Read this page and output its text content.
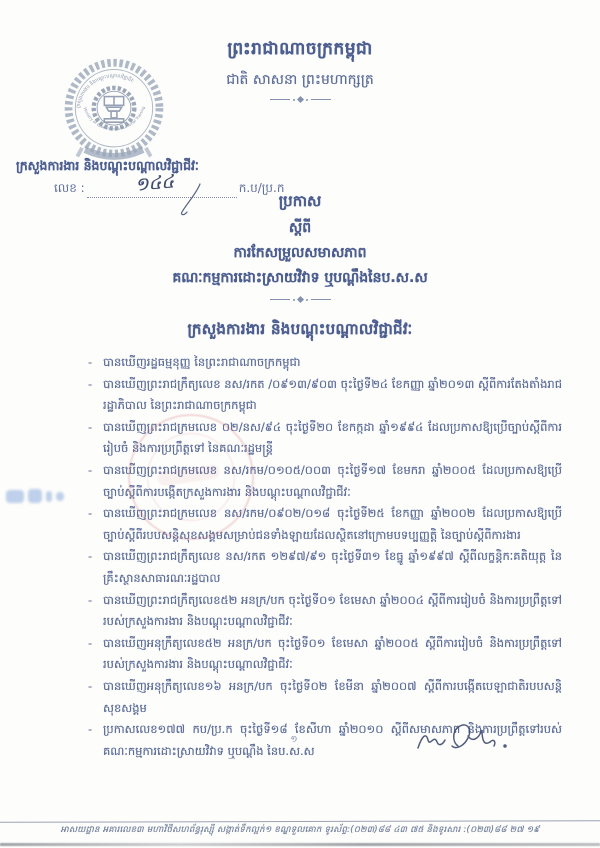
ព្រះរាជាណាចក្រកម្ពុជា
ជាតិ សាសនា ព្រះមហាក្សត្រ
ក្រសួងការងារ និងបណ្ដុះបណ្ដាលវិជ្ជាជីវៈ
Ministry of Labour and Vocational Training
ក្រសួងការងារ និងបណ្ដុះបណ្ដាលវិជ្ជាជីវៈ
លេខ :	១៤៤	ក.ប/ប្រ.ក
ប្រកាស
ស្ដីពី
ការកែសម្រួលសមាសភាព
គណៈកម្មការដោះស្រាយវិវាទ ឬបណ្ដឹងនៃប.ស.ស
ក្រសួងការងារ និងបណ្ដុះបណ្ដាលវិជ្ជាជីវៈ
- បានឃើញរដ្ឋធម្មនុញ្ញ នៃព្រះរាជាណាចក្រកម្ពុជា
- បានឃើញព្រះរាជក្រឹត្យលេខ នស/រកត /០៩១៣/៩០៣ ចុះថ្ងៃទី២៤ ខែកញ្ញា ឆ្នាំ២០១៣ ស្ដីពីការតែងតាំងរាជរដ្ឋាភិបាល នៃព្រះរាជាណាចក្រកម្ពុជា
- បានឃើញព្រះរាជក្រមលេខ ០២/នស/៩៤ ចុះថ្ងៃទី២០ ខែកក្កដា ឆ្នាំ១៩៩៤ ដែលប្រកាសឱ្យប្រើច្បាប់ស្ដីពីការរៀបចំ និងការប្រព្រឹត្តទៅ នៃគណៈរដ្ឋមន្ត្រី
- បានឃើញព្រះរាជក្រមលេខ នស/រកម/០១០៥/០០៣ ចុះថ្ងៃទី១៧ ខែមករា ឆ្នាំ២០០៥ ដែលប្រកាសឱ្យប្រើច្បាប់ស្ដីពីការបង្កើតក្រសួងការងារ និងបណ្ដុះបណ្ដាលវិជ្ជាជីវៈ
- បានឃើញព្រះរាជក្រមលេខ នស/រកម/០៩០២/០១៨ ចុះថ្ងៃទី២៥ ខែកញ្ញា ឆ្នាំ២០០២ ដែលប្រកាសឱ្យប្រើច្បាប់ស្ដីពីរបបសន្តិសុខសង្គមសម្រាប់ជនទាំងឡាយដែលស្ថិតនៅក្រោមបទប្បញ្ញត្តិ នៃច្បាប់ស្ដីពីការងារ
- បានឃើញព្រះរាជក្រឹត្យលេខ នស/រកត ១២៩៧/៩១ ចុះថ្ងៃទី៣១ ខែធ្នូ ឆ្នាំ១៩៩៧ ស្ដីពីលក្ខន្តិកៈគតិយុត្ត នៃគ្រឹះស្ថានសាធារណៈរដ្ឋបាល
- បានឃើញព្រះរាជក្រឹត្យលេខ៥២ អនក្រ/បក ចុះថ្ងៃទី០១ ខែមេសា ឆ្នាំ២០០៤ ស្ដីពីការរៀបចំ និងការប្រព្រឹត្តទៅរបស់ក្រសួងការងារ និងបណ្ដុះបណ្ដាលវិជ្ជាជីវៈ
- បានឃើញអនុក្រឹត្យលេខ៥២ អនក្រ/បក ចុះថ្ងៃទី០១ ខែមេសា ឆ្នាំ២០០៥ ស្ដីពីការរៀបចំ និងការប្រព្រឹត្តទៅរបស់ក្រសួងការងារ និងបណ្ដុះបណ្ដាលវិជ្ជាជីវៈ
- បានឃើញអនុក្រឹត្យលេខ១៦ អនក្រ/បក ចុះថ្ងៃទី០២ ខែមីនា ឆ្នាំ២០០៧ ស្ដីពីការបង្កើតបេឡាជាតិរបបសន្តិសុខសង្គម
- ប្រកាសលេខ១៧៧ កប/ប្រ.ក ចុះថ្ងៃទី១៨ ខែសីហា ឆ្នាំ២០១០ ស្ដីពីសមាសភាព និងការប្រព្រឹត្តទៅរបស់គណៈកម្មការដោះស្រាយវិវាទ ឬបណ្ដឹង នៃប.ស.ស
១
អាសយដ្ឋាន អគារលេខ៣ មហាវិថីសហព័ន្ធរុស្ស៊ី សង្កាត់ទឹកល្អក់១ ខណ្ឌទួលគោក ទូរស័ព្ទ:(០២៣)៨៨ ៤៣ ៧៥ និងទូរសារ :(០២៣)៨៨ ២៧ ១៩
